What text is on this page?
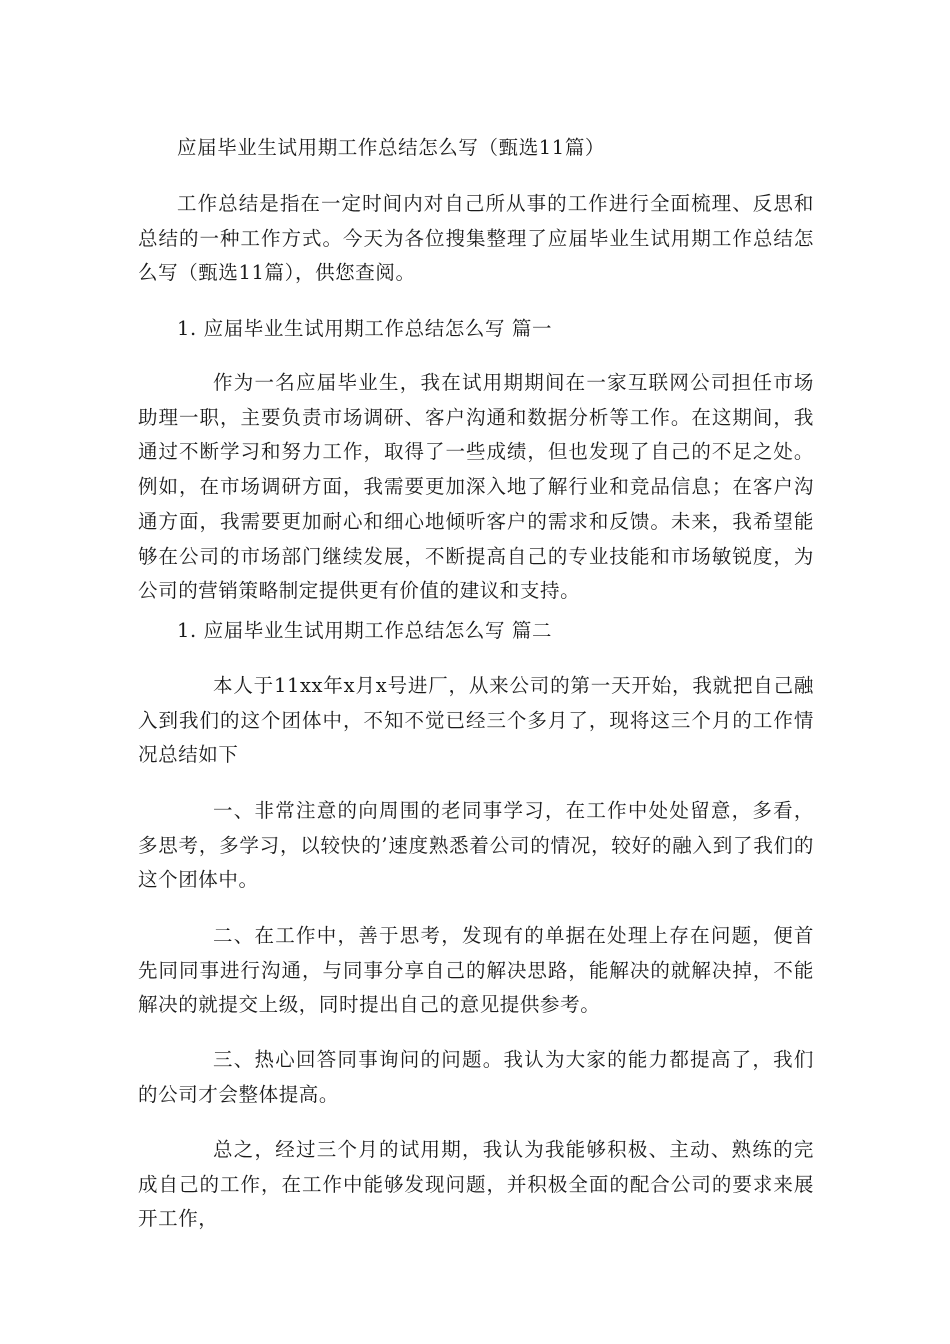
应届毕业生试用期工作总结怎么写（甄选11篇）

工作总结是指在一定时间内对自己所从事的工作进行全面梳理、反思和总结的一种工作方式。今天为各位搜集整理了应届毕业生试用期工作总结怎么写（甄选11篇），供您查阅。

1. 应届毕业生试用期工作总结怎么写 篇一

作为一名应届毕业生，我在试用期期间在一家互联网公司担任市场助理一职，主要负责市场调研、客户沟通和数据分析等工作。在这期间，我通过不断学习和努力工作，取得了一些成绩，但也发现了自己的不足之处。例如，在市场调研方面，我需要更加深入地了解行业和竞品信息；在客户沟通方面，我需要更加耐心和细心地倾听客户的需求和反馈。未来，我希望能够在公司的市场部门继续发展，不断提高自己的专业技能和市场敏锐度，为公司的营销策略制定提供更有价值的建议和支持。

1. 应届毕业生试用期工作总结怎么写 篇二

本人于11xx年x月x号进厂，从来公司的第一天开始，我就把自己融入到我们的这个团体中，不知不觉已经三个多月了，现将这三个月的工作情况总结如下

一、非常注意的向周围的老同事学习，在工作中处处留意，多看，多思考，多学习，以较快的’速度熟悉着公司的情况，较好的融入到了我们的这个团体中。

二、在工作中，善于思考，发现有的单据在处理上存在问题，便首先同同事进行沟通，与同事分享自己的解决思路，能解决的就解决掉，不能解决的就提交上级，同时提出自己的意见提供参考。

三、热心回答同事询问的问题。我认为大家的能力都提高了，我们的公司才会整体提高。

总之，经过三个月的试用期，我认为我能够积极、主动、熟练的完成自己的工作，在工作中能够发现问题，并积极全面的配合公司的要求来展开工作，
